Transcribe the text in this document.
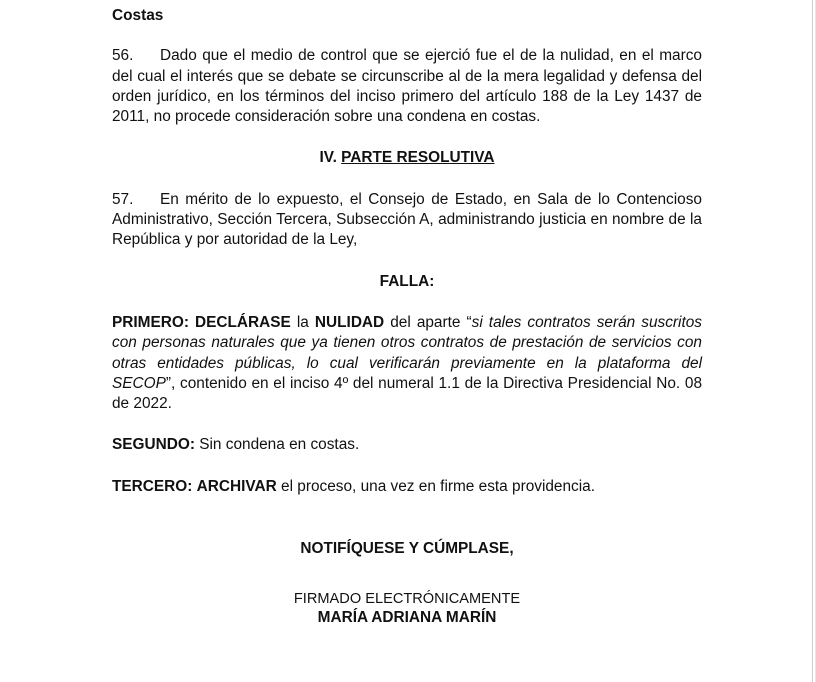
Costas

56. Dado que el medio de control que se ejerció fue el de la nulidad, en el marco del cual el interés que se debate se circunscribe al de la mera legalidad y defensa del orden jurídico, en los términos del inciso primero del artículo 188 de la Ley 1437 de 2011, no procede consideración sobre una condena en costas.

IV. PARTE RESOLUTIVA

57. En mérito de lo expuesto, el Consejo de Estado, en Sala de lo Contencioso Administrativo, Sección Tercera, Subsección A, administrando justicia en nombre de la República y por autoridad de la Ley,

FALLA:

PRIMERO: DECLÁRASE la NULIDAD del aparte “si tales contratos serán suscritos con personas naturales que ya tienen otros contratos de prestación de servicios con otras entidades públicas, lo cual verificarán previamente en la plataforma del SECOP”, contenido en el inciso 4º del numeral 1.1 de la Directiva Presidencial No. 08 de 2022.

SEGUNDO: Sin condena en costas.

TERCERO: ARCHIVAR el proceso, una vez en firme esta providencia.

NOTIFÍQUESE Y CÚMPLASE,

FIRMADO ELECTRÓNICAMENTE

MARÍA ADRIANA MARÍN
